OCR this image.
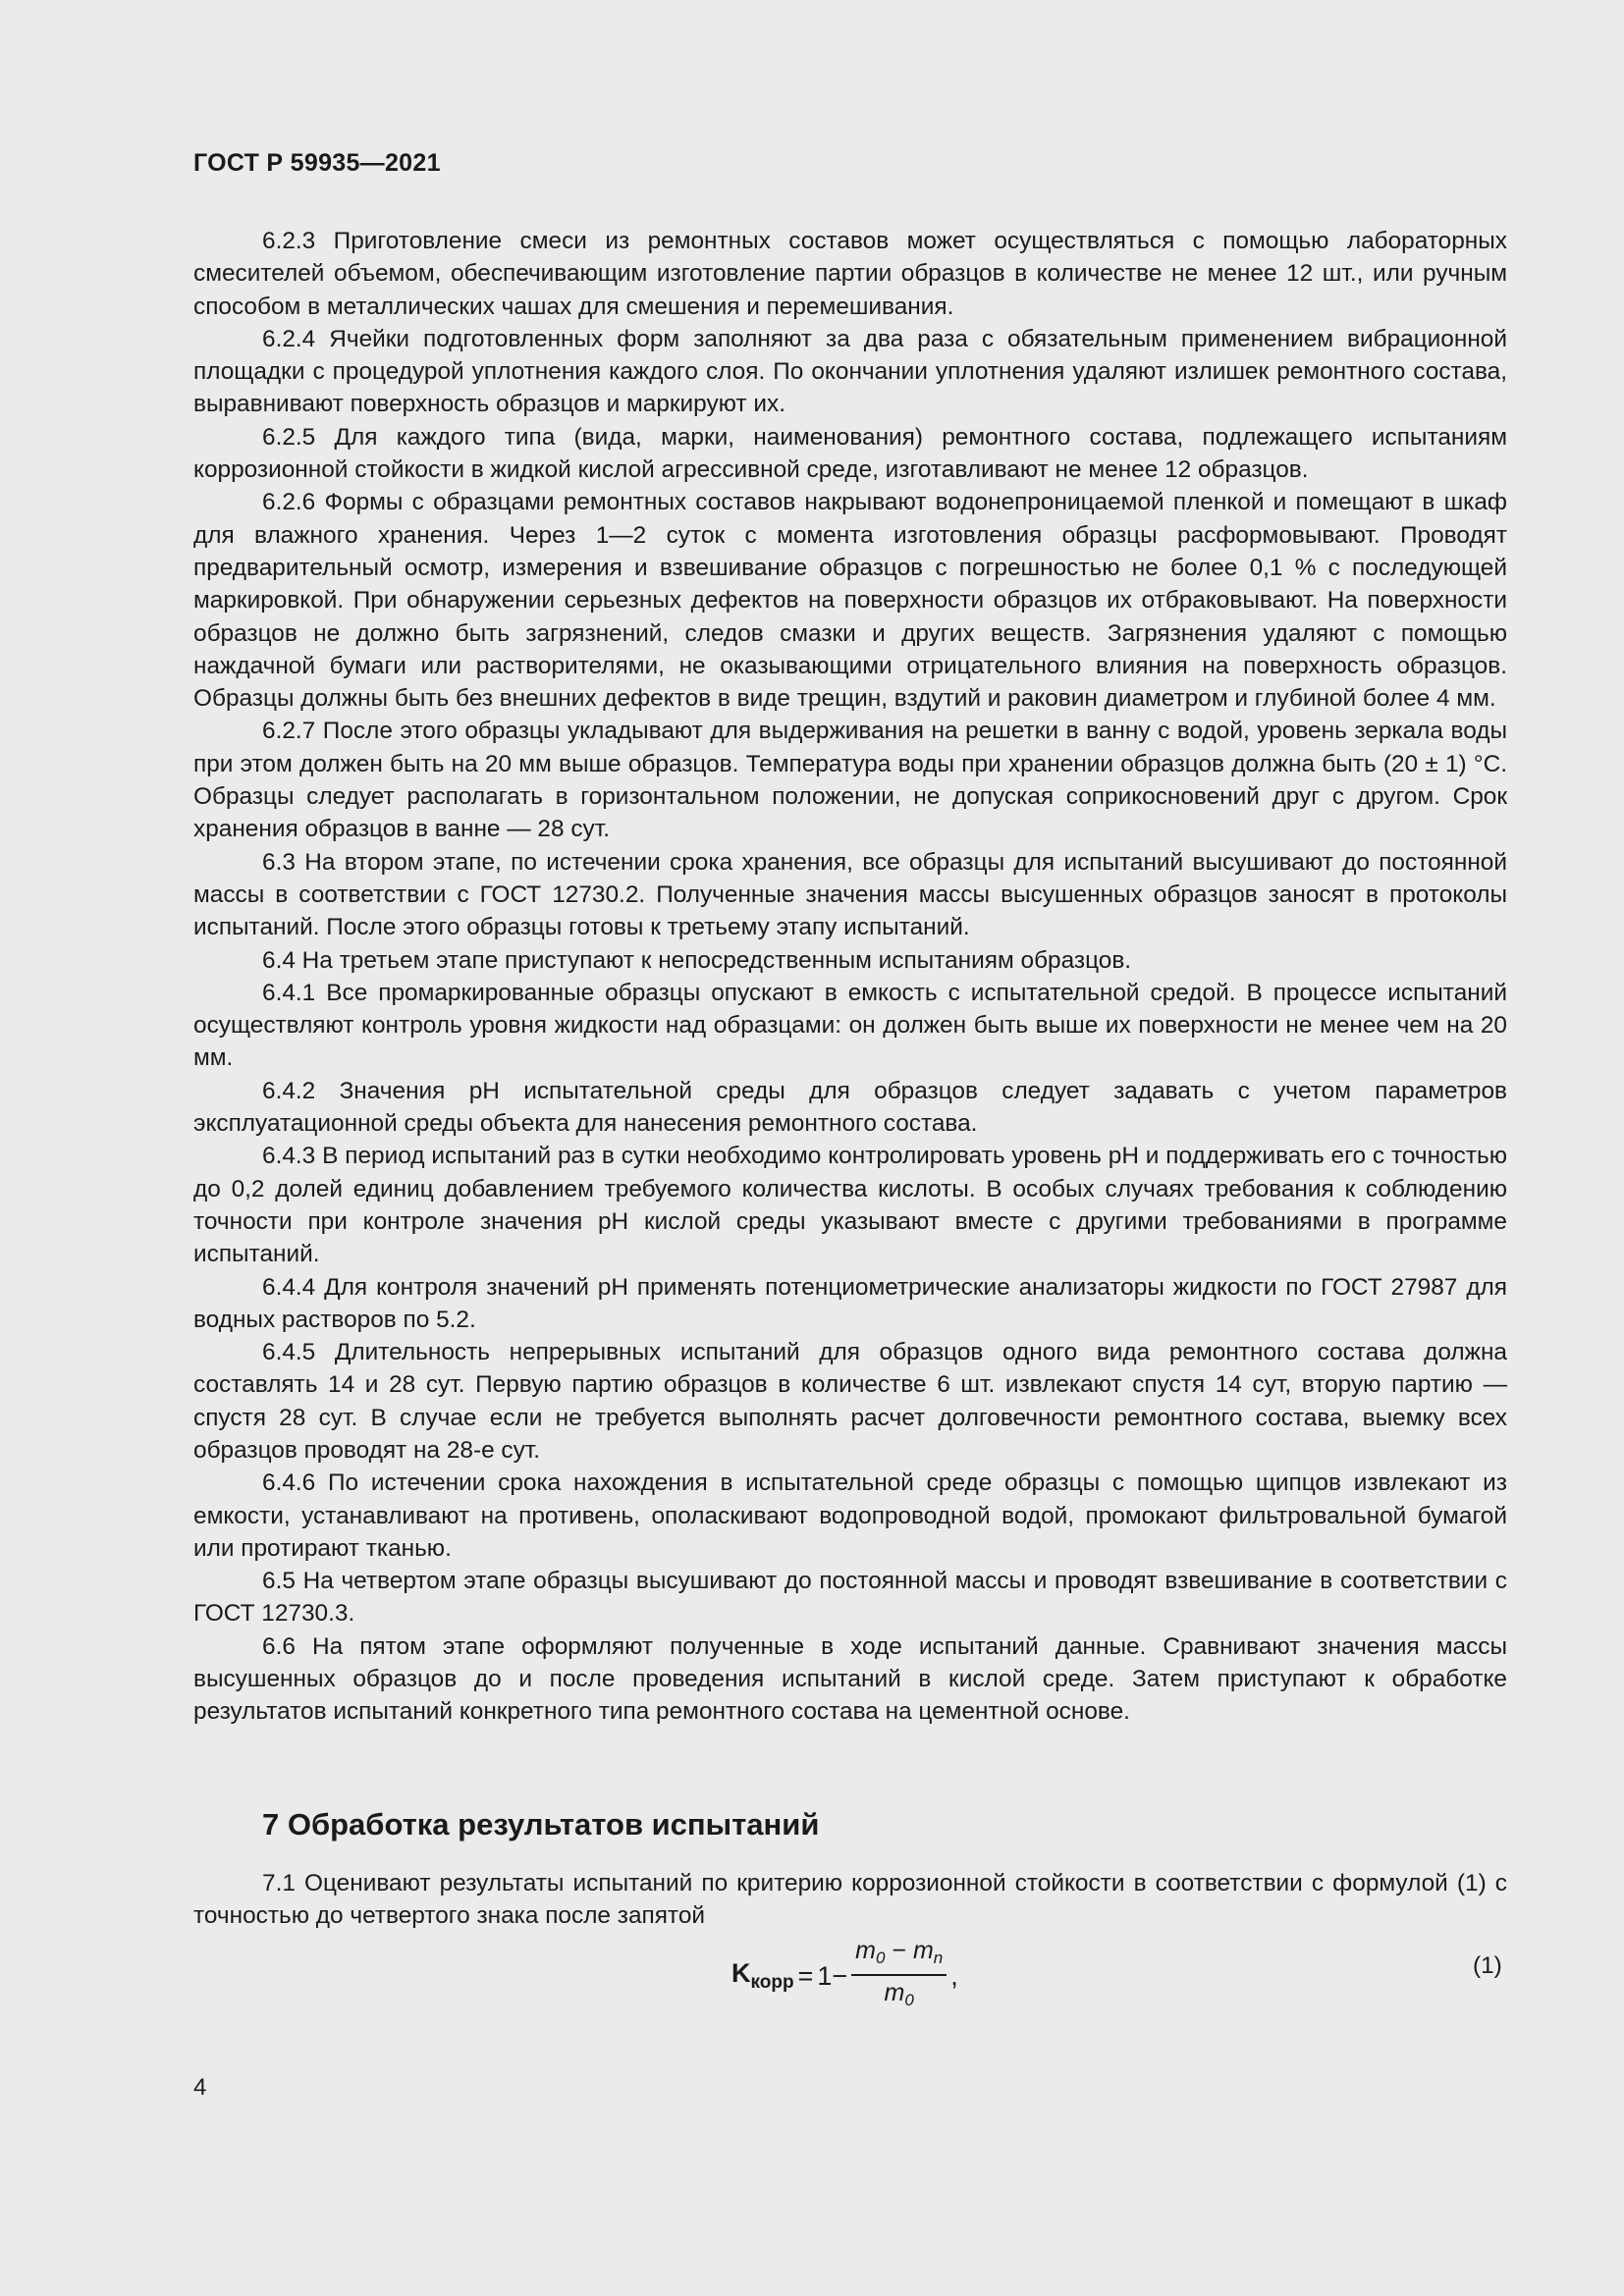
ГОСТ Р 59935—2021

6.2.3 Приготовление смеси из ремонтных составов может осуществляться с помощью лабораторных смесителей объемом, обеспечивающим изготовление партии образцов в количестве не менее 12 шт., или ручным способом в металлических чашах для смешения и перемешивания.

6.2.4 Ячейки подготовленных форм заполняют за два раза с обязательным применением вибрационной площадки с процедурой уплотнения каждого слоя. По окончании уплотнения удаляют излишек ремонтного состава, выравнивают поверхность образцов и маркируют их.

6.2.5 Для каждого типа (вида, марки, наименования) ремонтного состава, подлежащего испытаниям коррозионной стойкости в жидкой кислой агрессивной среде, изготавливают не менее 12 образцов.

6.2.6 Формы с образцами ремонтных составов накрывают водонепроницаемой пленкой и помещают в шкаф для влажного хранения. Через 1—2 суток с момента изготовления образцы расформовывают. Проводят предварительный осмотр, измерения и взвешивание образцов с погрешностью не более 0,1 % с последующей маркировкой. При обнаружении серьезных дефектов на поверхности образцов их отбраковывают. На поверхности образцов не должно быть загрязнений, следов смазки и других веществ. Загрязнения удаляют с помощью наждачной бумаги или растворителями, не оказывающими отрицательного влияния на поверхность образцов. Образцы должны быть без внешних дефектов в виде трещин, вздутий и раковин диаметром и глубиной более 4 мм.

6.2.7 После этого образцы укладывают для выдерживания на решетки в ванну с водой, уровень зеркала воды при этом должен быть на 20 мм выше образцов. Температура воды при хранении образцов должна быть (20 ± 1) °С. Образцы следует располагать в горизонтальном положении, не допуская соприкосновений друг с другом. Срок хранения образцов в ванне — 28 сут.

6.3 На втором этапе, по истечении срока хранения, все образцы для испытаний высушивают до постоянной массы в соответствии с ГОСТ 12730.2. Полученные значения массы высушенных образцов заносят в протоколы испытаний. После этого образцы готовы к третьему этапу испытаний.

6.4 На третьем этапе приступают к непосредственным испытаниям образцов.

6.4.1 Все промаркированные образцы опускают в емкость с испытательной средой. В процессе испытаний осуществляют контроль уровня жидкости над образцами: он должен быть выше их поверхности не менее чем на 20 мм.

6.4.2 Значения рН испытательной среды для образцов следует задавать с учетом параметров эксплуатационной среды объекта для нанесения ремонтного состава.

6.4.3 В период испытаний раз в сутки необходимо контролировать уровень рН и поддерживать его с точностью до 0,2 долей единиц добавлением требуемого количества кислоты. В особых случаях требования к соблюдению точности при контроле значения рН кислой среды указывают вместе с другими требованиями в программе испытаний.

6.4.4 Для контроля значений рН применять потенциометрические анализаторы жидкости по ГОСТ 27987 для водных растворов по 5.2.

6.4.5 Длительность непрерывных испытаний для образцов одного вида ремонтного состава должна составлять 14 и 28 сут. Первую партию образцов в количестве 6 шт. извлекают спустя 14 сут, вторую партию — спустя 28 сут. В случае если не требуется выполнять расчет долговечности ремонтного состава, выемку всех образцов проводят на 28-е сут.

6.4.6 По истечении срока нахождения в испытательной среде образцы с помощью щипцов извлекают из емкости, устанавливают на противень, ополаскивают водопроводной водой, промокают фильтровальной бумагой или протирают тканью.

6.5 На четвертом этапе образцы высушивают до постоянной массы и проводят взвешивание в соответствии с ГОСТ 12730.3.

6.6 На пятом этапе оформляют полученные в ходе испытаний данные. Сравнивают значения массы высушенных образцов до и после проведения испытаний в кислой среде. Затем приступают к обработке результатов испытаний конкретного типа ремонтного состава на цементной основе.

7 Обработка результатов испытаний

7.1 Оценивают результаты испытаний по критерию коррозионной стойкости в соответствии с формулой (1) с точностью до четвертого знака после запятой

$K_{корр} = 1- \frac{m_0 - m_n}{m_0}$ ,	(1)
4
